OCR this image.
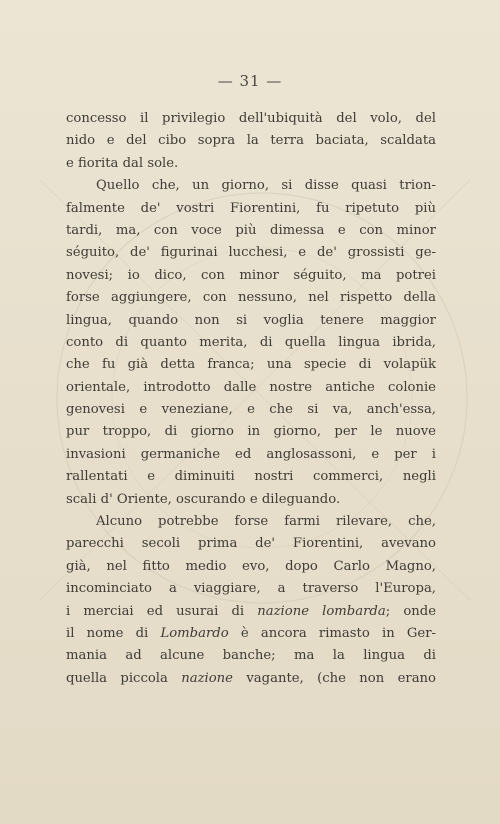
— 31 —
concesso il privilegio dell'ubiquità del volo, del
nido e del cibo sopra la terra baciata, scaldata
e fiorita dal sole.
Quello che, un giorno, si disse quasi trion-
falmente de' vostri Fiorentini, fu ripetuto più
tardi, ma, con voce più dimessa e con minor
séguito, de' figurinai lucchesi, e de' grossisti ge-
novesi; io dico, con minor séguito, ma potrei
forse aggiungere, con nessuno, nel rispetto della
lingua, quando non si voglia tenere maggior
conto di quanto merita, di quella lingua ibrida,
che fu già detta franca; una specie di volapük
orientale, introdotto dalle nostre antiche colonie
genovesi e veneziane, e che si va, anch'essa,
pur troppo, di giorno in giorno, per le nuove
invasioni germaniche ed anglosassoni, e per i
rallentati e diminuiti nostri commerci, negli
scali d' Oriente, oscurando e dileguando.
Alcuno potrebbe forse farmi rilevare, che,
parecchi secoli prima de' Fiorentini, avevano
già, nel fitto medio evo, dopo Carlo Magno,
incominciato a viaggiare, a traverso l'Europa,
i merciai ed usurai di nazione lombarda; onde
il nome di Lombardo è ancora rimasto in Ger-
mania ad alcune banche; ma la lingua di
quella piccola nazione vagante, (che non erano
